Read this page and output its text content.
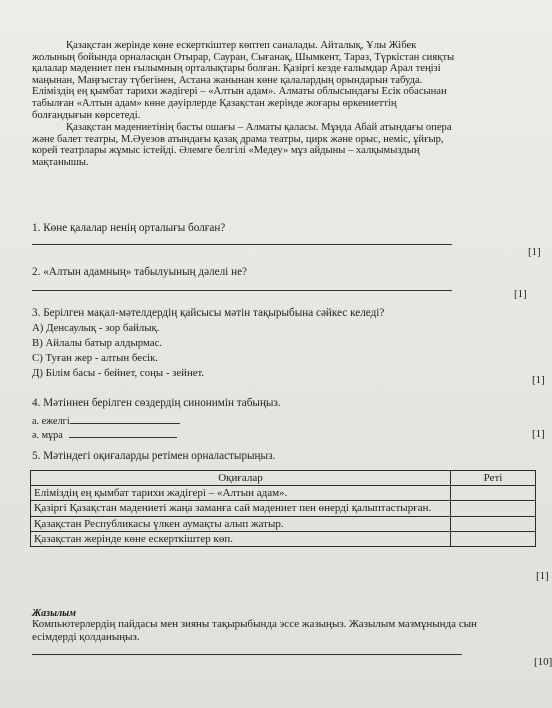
Қазақстан жерінде көне ескерткіштер көптеп саналады. Айталық, Ұлы Жібек
жолының бойында орналасқан Отырар, Сауран, Сығанақ, Шымкент, Тараз, Түркістан сияқты
қалалар мәдениет пен ғылымның орталықтары болған. Қазіргі кезде ғалымдар Арал теңізі
маңынан, Маңғыстау түбегінен, Астана жанынан көне қалалардың орындарын табуда.
Еліміздің ең қымбат тарихи жәдігері – «Алтын адам». Алматы облысындағы Есік обасынан
табылған «Алтын адам» көне дәуірлерде Қазақстан жерінде жоғары өркениеттің
болғандығын көрсетеді.
Қазақстан мәдениетінің басты ошағы – Алматы қаласы. Мұнда Абай атындағы опера
және балет театры, М.Әуезов атындағы қазақ драма театры, цирк және орыс, неміс, ұйғыр,
корей театрлары жұмыс істейді. Әлемге белгілі «Медеу» мұз айдыны – халқымыздың
мақтанышы.
1. Көне қалалар ненің орталығы болған?
[1]
2. «Алтын адамның» табылуының дәлелі не?
[1]
3. Берілген мақал-мәтелдердің қайсысы мәтін тақырыбына сәйкес келеді?
А) Денсаулық - зор байлық.
В) Айлалы батыр алдырмас.
С) Туған жер - алтын бесік.
Д) Білім басы - бейнет, соңы - зейнет.
[1]
4. Мәтіннен берілген сөздердің синонимін табыңыз.
а. ежелгі
ә. мұра	[1]
5. Мәтіндегі оқиғаларды ретімен орналастырыңыз.
Оқиғалар	Реті
Еліміздің ең қымбат тарихи жәдігері – «Алтын адам».	
Қазіргі Қазақстан мәдениеті жаңа заманға сай мәдениет пен өнерді қалыптастырған.	
Қазақстан Республикасы үлкен аумақты алып жатыр.	
Қазақстан жерінде көне ескерткіштер көп.	
[1]
Жазылым
Компьютерлердің пайдасы мен зияны тақырыбында эссе жазыңыз. Жазылым мазмұнында сын
есімдерді қолданыңыз.
[10]
